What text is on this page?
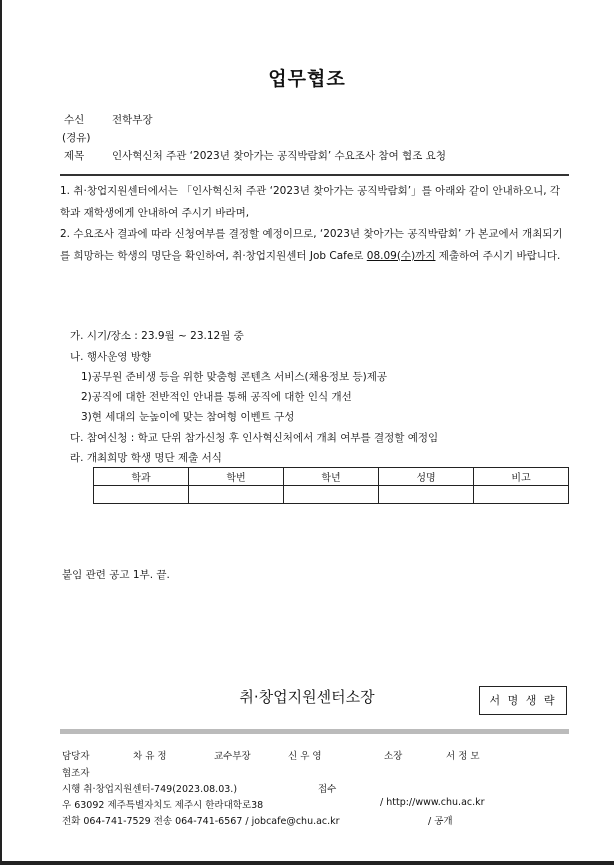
업무협조
수신	전학부장
(경유)
제목	인사혁신처 주관 ‘2023년 찾아가는 공직박람회’ 수요조사 참여 협조 요청
1. 취·창업지원센터에서는 「인사혁신처 주관 ‘2023년 찾아가는 공직박람회’」를 아래와 같이 안내하오니, 각 학과 재학생에게 안내하여 주시기 바라며,
2. 수요조사 결과에 따라 신청여부를 결정할 예정이므로, ‘2023년 찾아가는 공직박람회’ 가 본교에서 개최되기를 희망하는 학생의 명단을 확인하여, 취·창업지원센터 Job Cafe로 08.09(수)까지 제출하여 주시기 바랍니다.
가. 시기/장소 : 23.9월 ~ 23.12월 중
나. 행사운영 방향
1)공무원 준비생 등을 위한 맞춤형 콘텐츠 서비스(채용정보 등)제공
2)공직에 대한 전반적인 안내를 통해 공직에 대한 인식 개선
3)현 세대의 눈높이에 맞는 참여형 이벤트 구성
다. 참여신청 : 학교 단위 참가신청 후 인사혁신처에서 개최 여부를 결정할 예정임
라. 개최희망 학생 명단 제출 서식
학과	학번	학년	성명	비고

붙임 관련 공고 1부. 끝.
취·창업지원센터소장	서 명 생 략
담당자	차 유 정	교수부장	신 우 영	소장	서 정 모
협조자
시행 취·창업지원센터-749(2023.08.03.)	접수
우 63092 제주특별자치도 제주시 한라대학로38	/ http://www.chu.ac.kr
전화 064-741-7529 전송 064-741-6567 / jobcafe@chu.ac.kr	/ 공개
